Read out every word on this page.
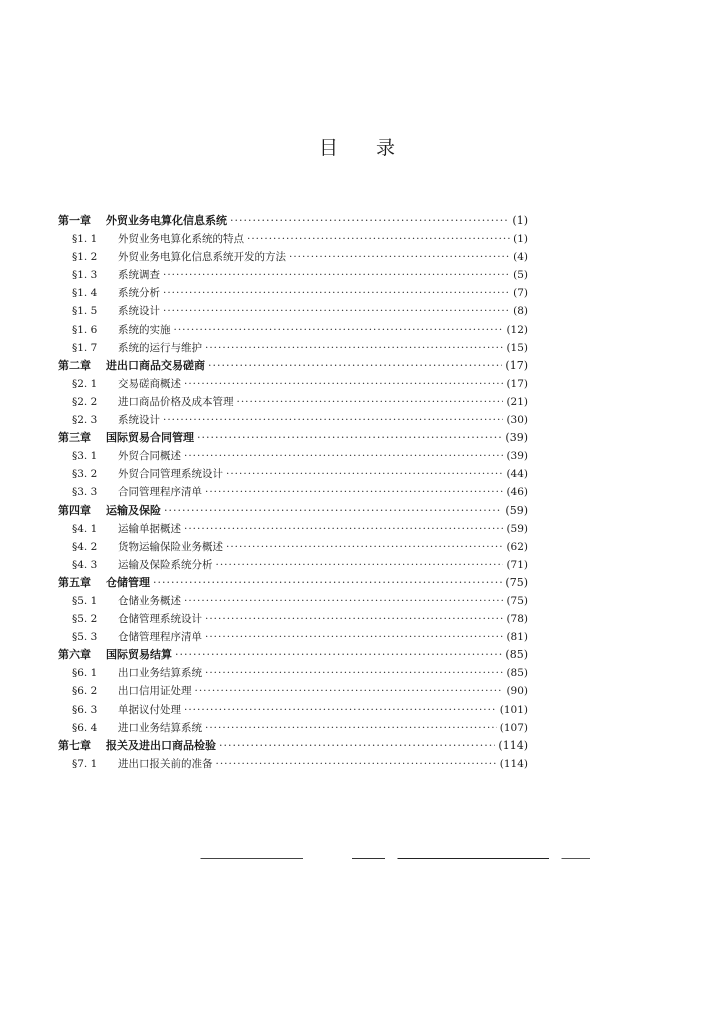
目 录
第一章	外贸业务电算化信息系统 ·····	(1)
§1. 1	外贸业务电算化系统的特点 ·····	(1)
§1. 2	外贸业务电算化信息系统开发的方法 ·····	(4)
§1. 3	系统调查 ·····	(5)
§1. 4	系统分析 ·····	(7)
§1. 5	系统设计 ·····	(8)
§1. 6	系统的实施 ·····	(12)
§1. 7	系统的运行与维护 ·····	(15)
第二章	进出口商品交易磋商 ·····	(17)
§2. 1	交易磋商概述 ·····	(17)
§2. 2	进口商品价格及成本管理 ·····	(21)
§2. 3	系统设计 ·····	(30)
第三章	国际贸易合同管理 ·····	(39)
§3. 1	外贸合同概述 ·····	(39)
§3. 2	外贸合同管理系统设计 ·····	(44)
§3. 3	合同管理程序清单 ·····	(46)
第四章	运输及保险 ·····	(59)
§4. 1	运输单据概述 ·····	(59)
§4. 2	货物运输保险业务概述 ·····	(62)
§4. 3	运输及保险系统分析 ·····	(71)
第五章	仓储管理 ·····	(75)
§5. 1	仓储业务概述 ·····	(75)
§5. 2	仓储管理系统设计 ·····	(78)
§5. 3	仓储管理程序清单 ·····	(81)
第六章	国际贸易结算 ·····	(85)
§6. 1	出口业务结算系统 ·····	(85)
§6. 2	出口信用证处理 ·····	(90)
§6. 3	单据议付处理 ·····	(101)
§6. 4	进口业务结算系统 ·····	(107)
第七章	报关及进出口商品检验 ·····	(114)
§7. 1	进出口报关前的准备 ·····	(114)
